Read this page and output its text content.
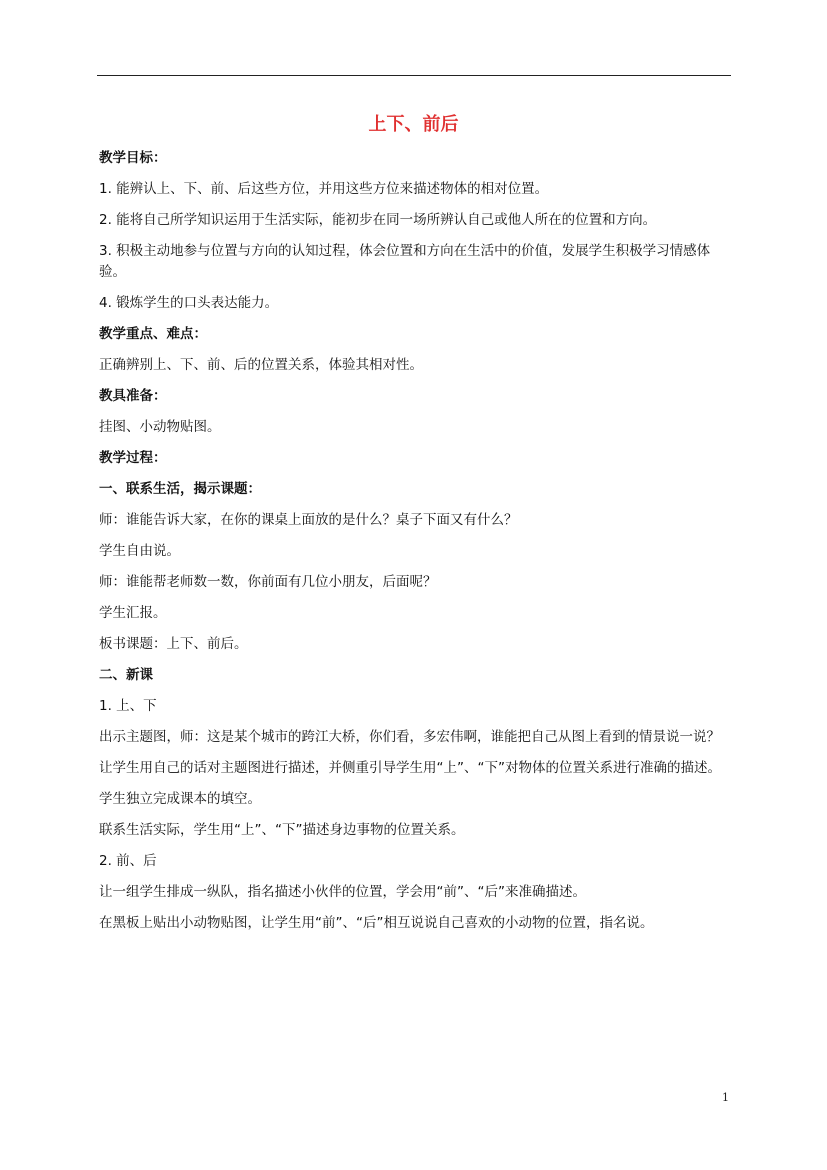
上下、前后
教学目标：
1. 能辨认上、下、前、后这些方位，并用这些方位来描述物体的相对位置。
2. 能将自己所学知识运用于生活实际，能初步在同一场所辨认自己或他人所在的位置和方向。
3. 积极主动地参与位置与方向的认知过程，体会位置和方向在生活中的价值，发展学生积极学习情感体验。
4. 锻炼学生的口头表达能力。
教学重点、难点：
正确辨别上、下、前、后的位置关系，体验其相对性。
教具准备：
挂图、小动物贴图。
教学过程：
一、联系生活，揭示课题：
师：谁能告诉大家，在你的课桌上面放的是什么？桌子下面又有什么？
学生自由说。
师：谁能帮老师数一数，你前面有几位小朋友，后面呢？
学生汇报。
板书课题：上下、前后。
二、新课
1. 上、下
出示主题图，师：这是某个城市的跨江大桥，你们看，多宏伟啊，谁能把自己从图上看到的情景说一说？
让学生用自己的话对主题图进行描述，并侧重引导学生用“上”、“下”对物体的位置关系进行准确的描述。
学生独立完成课本的填空。
联系生活实际，学生用“上”、“下”描述身边事物的位置关系。
2. 前、后
让一组学生排成一纵队，指名描述小伙伴的位置，学会用“前”、“后”来准确描述。
在黑板上贴出小动物贴图，让学生用“前”、“后”相互说说自己喜欢的小动物的位置，指名说。
1
